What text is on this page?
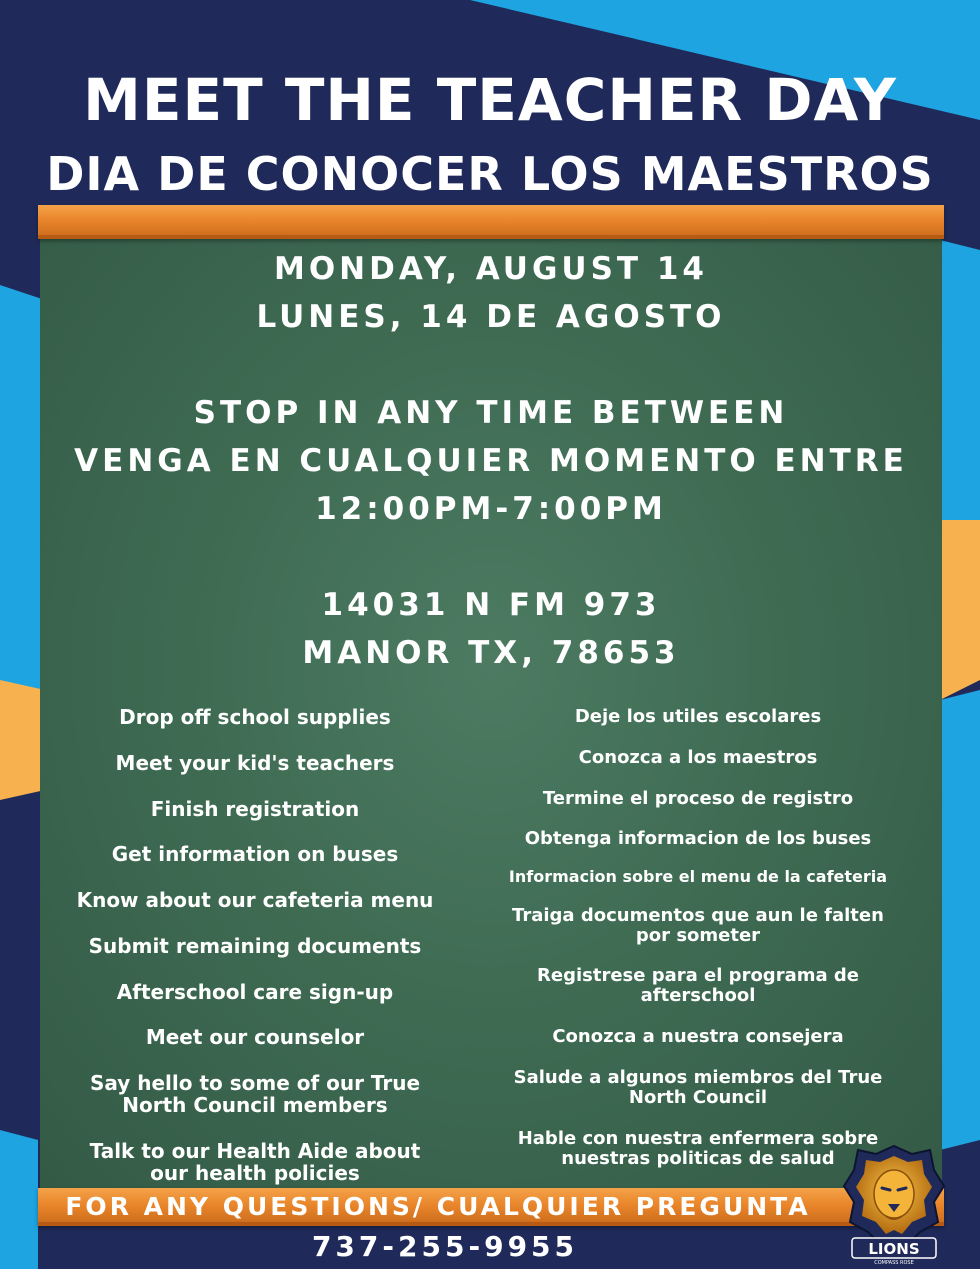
MEET THE TEACHER DAY
DIA DE CONOCER LOS MAESTROS
MONDAY, AUGUST 14
LUNES, 14 DE AGOSTO
STOP IN ANY TIME BETWEEN
VENGA EN CUALQUIER MOMENTO ENTRE
12:00PM-7:00PM
14031 N FM 973
MANOR TX, 78653
Drop off school supplies
Meet your kid's teachers
Finish registration
Get information on buses
Know about our cafeteria menu
Submit remaining documents
Afterschool care sign-up
Meet our counselor
Say hello to some of our True North Council members
Talk to our Health Aide about our health policies
Deje los utiles escolares
Conozca a los maestros
Termine el proceso de registro
Obtenga informacion de los buses
Informacion sobre el menu de la cafeteria
Traiga documentos que aun le falten por someter
Registrese para el programa de afterschool
Conozca a nuestra consejera
Salude a algunos miembros del True North Council
Hable con nuestra enfermera sobre nuestras politicas de salud
FOR ANY QUESTIONS/ CUALQUIER PREGUNTA
737-255-9955	LIONS
COMPASS ROSE
